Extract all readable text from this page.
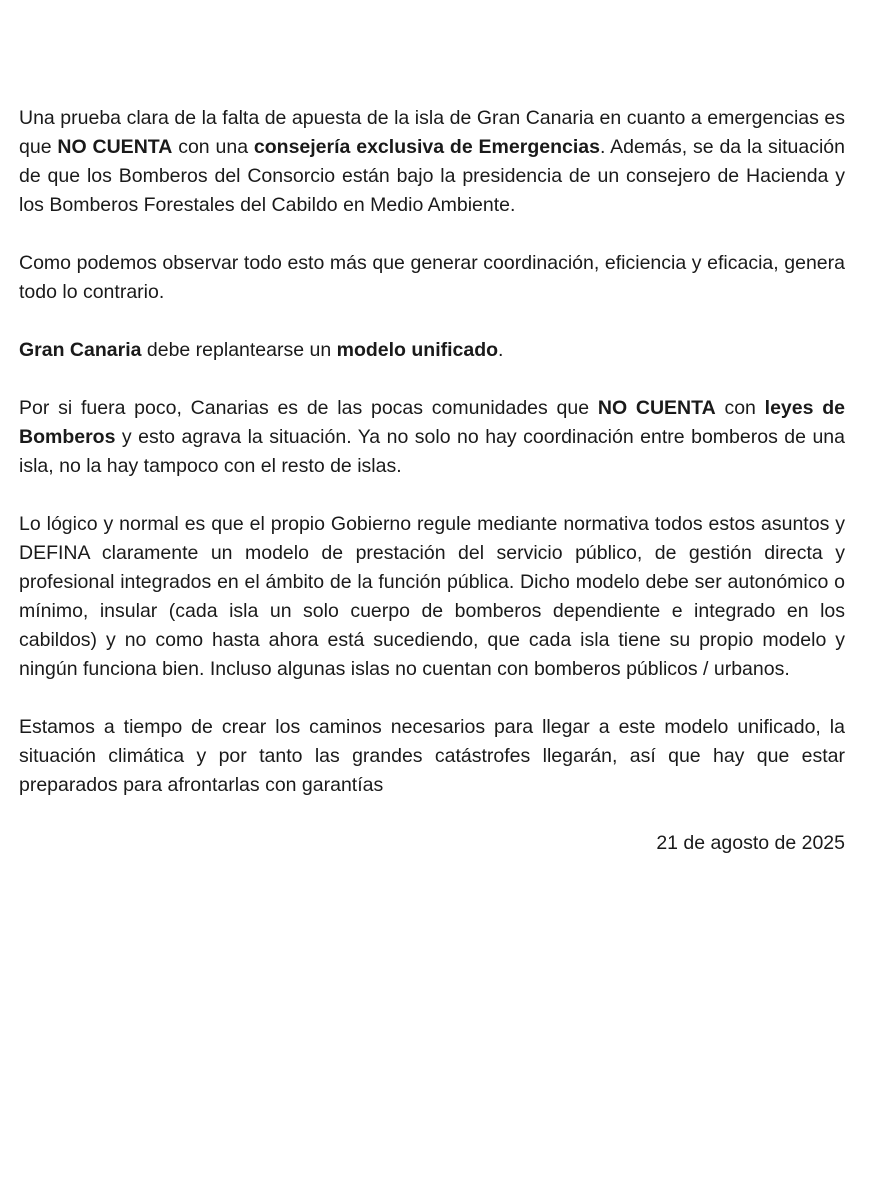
Una prueba clara de la falta de apuesta de la isla de Gran Canaria en cuanto a emergencias es que NO CUENTA con una consejería exclusiva de Emergencias. Además, se da la situación de que los Bomberos del Consorcio están bajo la presidencia de un consejero de Hacienda y los Bomberos Forestales del Cabildo en Medio Ambiente.

Como podemos observar todo esto más que generar coordinación, eficiencia y eficacia, genera todo lo contrario.

Gran Canaria debe replantearse un modelo unificado.

Por si fuera poco, Canarias es de las pocas comunidades que NO CUENTA con leyes de Bomberos y esto agrava la situación. Ya no solo no hay coordinación entre bomberos de una isla, no la hay tampoco con el resto de islas.

Lo lógico y normal es que el propio Gobierno regule mediante normativa todos estos asuntos y DEFINA claramente un modelo de prestación del servicio público, de gestión directa y profesional integrados en el ámbito de la función pública. Dicho modelo debe ser autonómico o mínimo, insular (cada isla un solo cuerpo de bomberos dependiente e integrado en los cabildos) y no como hasta ahora está sucediendo, que cada isla tiene su propio modelo y ningún funciona bien. Incluso algunas islas no cuentan con bomberos públicos / urbanos.

Estamos a tiempo de crear los caminos necesarios para llegar a este modelo unificado, la situación climática y por tanto las grandes catástrofes llegarán, así que hay que estar preparados para afrontarlas con garantías

21 de agosto de 2025
